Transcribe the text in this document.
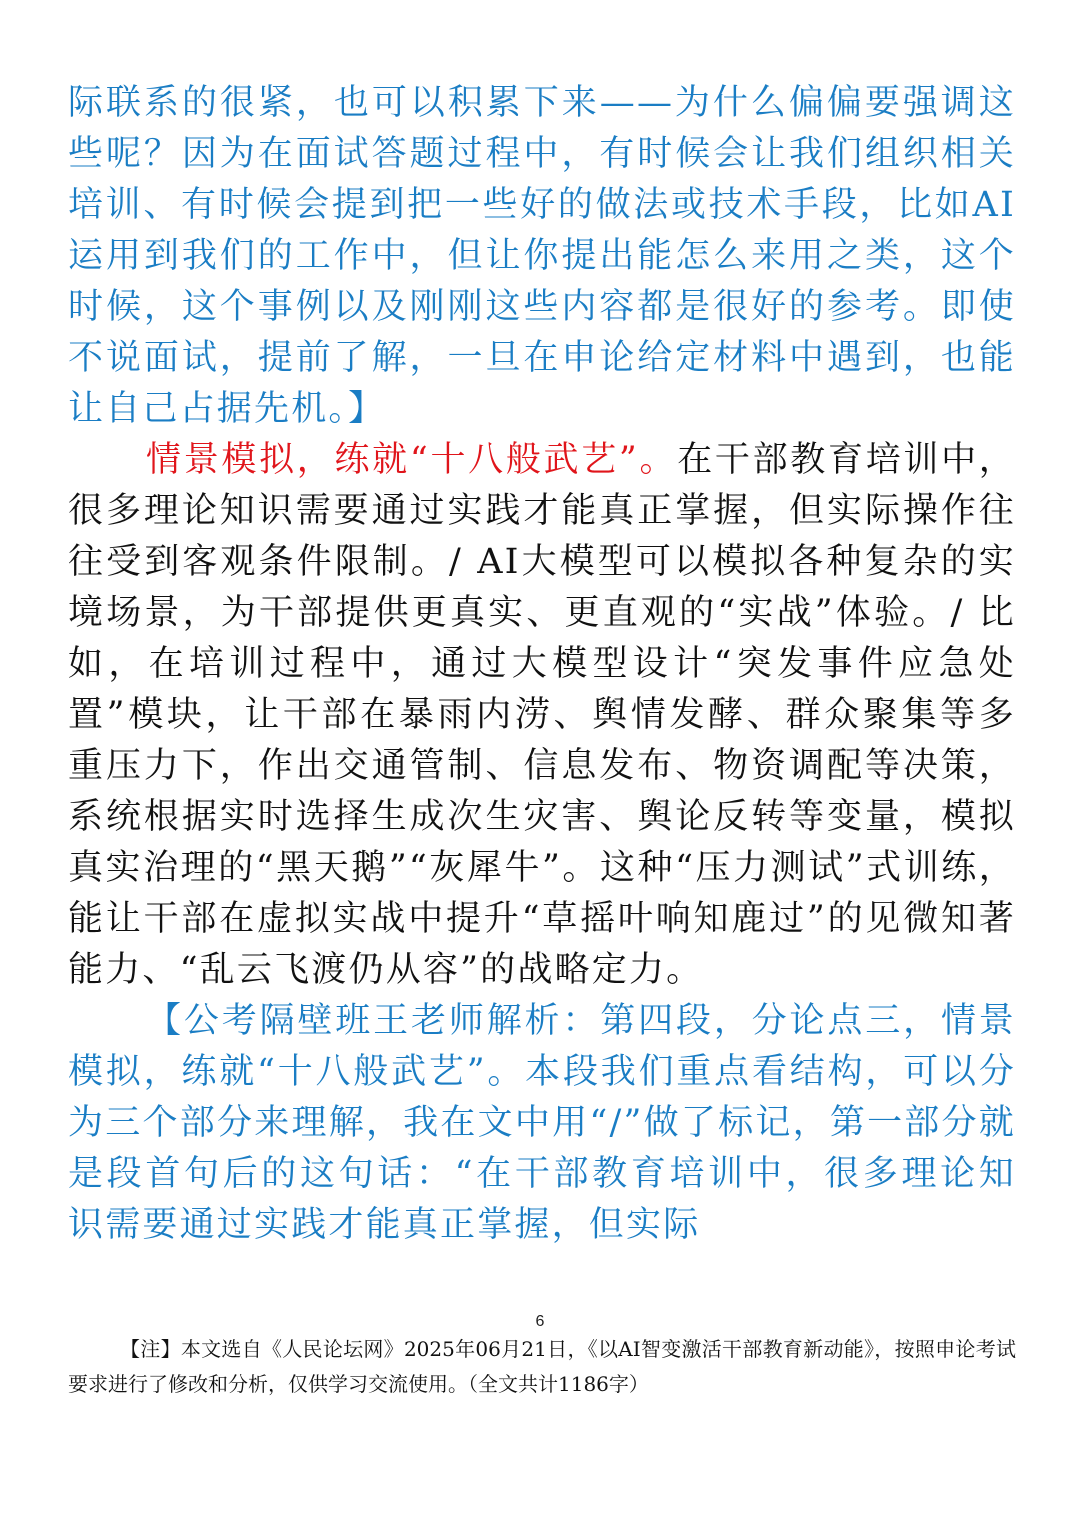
际联系的很紧，也可以积累下来——为什么偏偏要强调这些呢？因为在面试答题过程中，有时候会让我们组织相关培训、有时候会提到把一些好的做法或技术手段，比如AI运用到我们的工作中，但让你提出能怎么来用之类，这个时候，这个事例以及刚刚这些内容都是很好的参考。即使不说面试，提前了解，一旦在申论给定材料中遇到，也能让自己占据先机。】

情景模拟，练就“十八般武艺”。在干部教育培训中，很多理论知识需要通过实践才能真正掌握，但实际操作往往受到客观条件限制。/ AI大模型可以模拟各种复杂的实境场景，为干部提供更真实、更直观的“实战”体验。/ 比如，在培训过程中，通过大模型设计“突发事件应急处置”模块，让干部在暴雨内涝、舆情发酵、群众聚集等多重压力下，作出交通管制、信息发布、物资调配等决策，系统根据实时选择生成次生灾害、舆论反转等变量，模拟真实治理的“黑天鹅”“灰犀牛”。这种“压力测试”式训练，能让干部在虚拟实战中提升“草摇叶响知鹿过”的见微知著能力、“乱云飞渡仍从容”的战略定力。

【公考隔壁班王老师解析：第四段，分论点三，情景模拟，练就“十八般武艺”。本段我们重点看结构，可以分为三个部分来理解，我在文中用“/”做了标记，第一部分就是段首句后的这句话：“在干部教育培训中，很多理论知识需要通过实践才能真正掌握，但实际

6
【注】本文选自《人民论坛网》2025年06月21日，《以AI智变激活干部教育新动能》，按照申论考试要求进行了修改和分析，仅供学习交流使用。（全文共计1186字）
